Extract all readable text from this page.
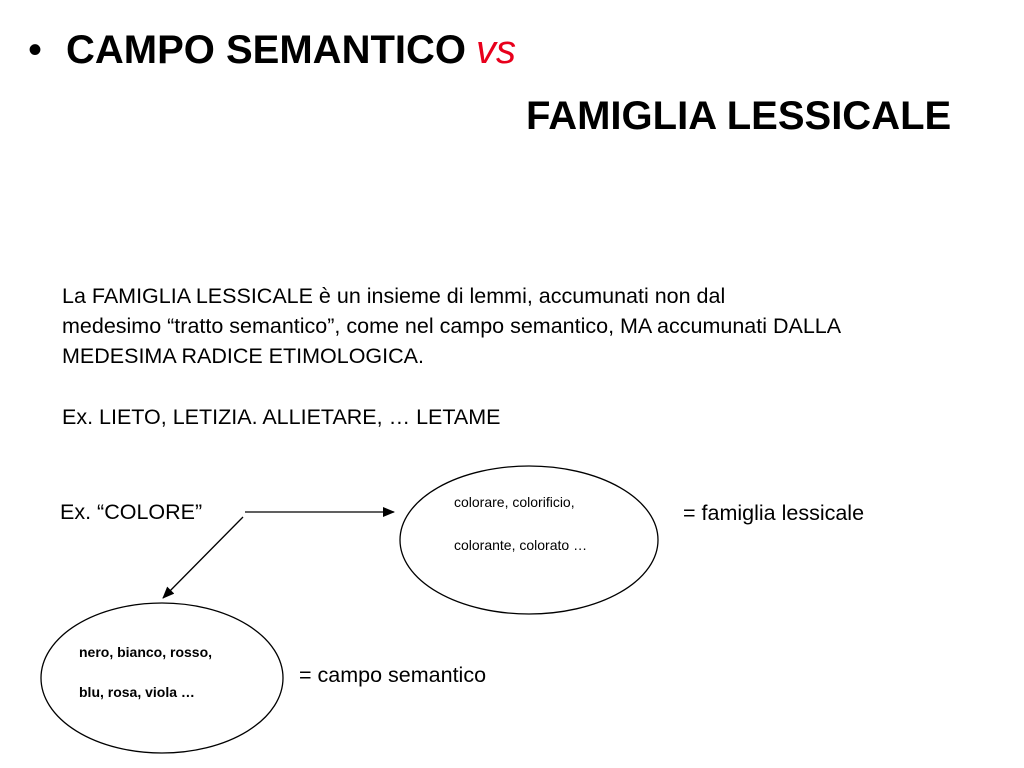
• CAMPO SEMANTICO vs
FAMIGLIA LESSICALE
La FAMIGLIA LESSICALE è un insieme di lemmi, accumunati non dal
medesimo “tratto semantico”, come nel campo semantico, MA accumunati DALLA
MEDESIMA RADICE ETIMOLOGICA.
Ex. LIETO, LETIZIA. ALLIETARE, … LETAME
Ex. “COLORE”	colorare, colorificio,
colorante, colorato …
= famiglia lessicale
nero, bianco, rosso,
blu, rosa, viola …
= campo semantico
